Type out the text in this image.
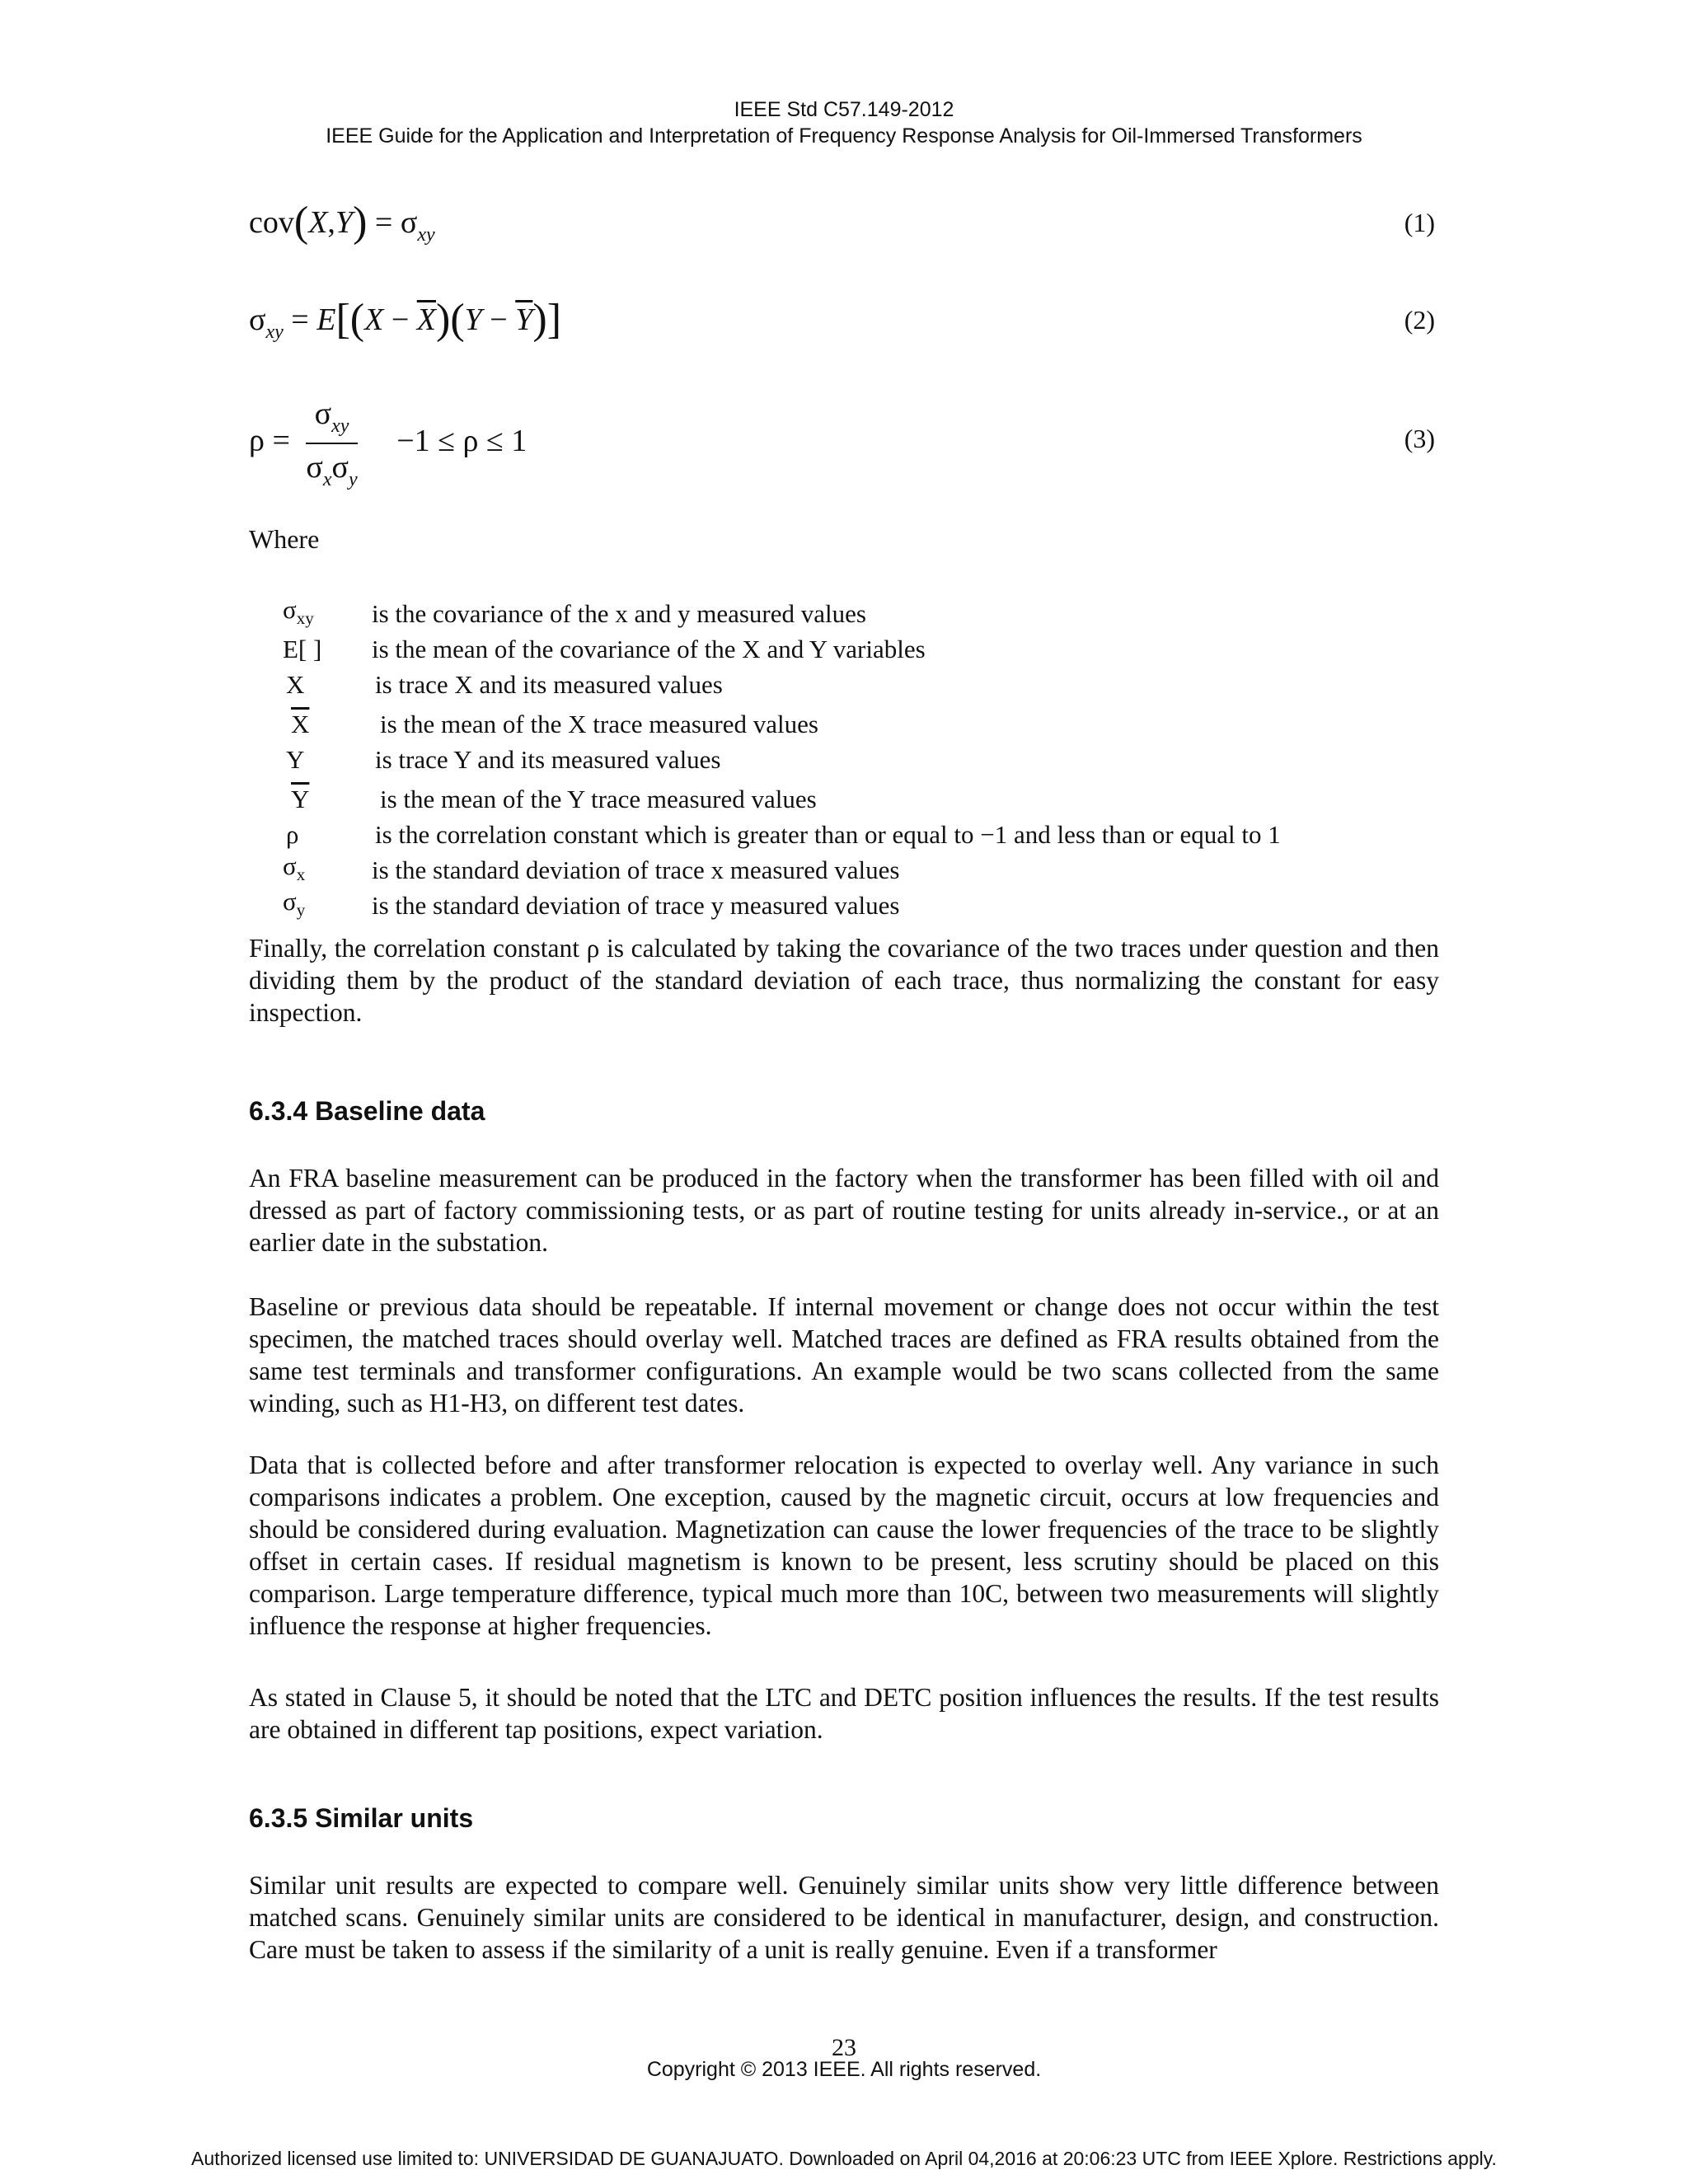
IEEE Std C57.149-2012
IEEE Guide for the Application and Interpretation of Frequency Response Analysis for Oil-Immersed Transformers
$cov(X,Y) = \sigma_{xy}$	(1)
$\sigma_{xy} = E[(X - \overline{X})(Y - \overline{Y})]$	(2)
$\rho = \frac{\sigma_{xy}}{\sigma_x\sigma_y} -1 \le \rho \le 1$	(3)
Where
$\sigma_{xy}$	is the covariance of the x and y measured values
E[ ]	is the mean of the covariance of the X and Y variables
X	is trace X and its measured values
$\overline{X}$	is the mean of the X trace measured values
Y	is trace Y and its measured values
$\overline{Y}$	is the mean of the Y trace measured values
ρ	is the correlation constant which is greater than or equal to −1 and less than or equal to 1
$\sigma_x$	is the standard deviation of trace x measured values
$\sigma_y$	is the standard deviation of trace y measured values

Finally, the correlation constant ρ is calculated by taking the covariance of the two traces under question and then dividing them by the product of the standard deviation of each trace, thus normalizing the constant for easy inspection.

6.3.4 Baseline data

An FRA baseline measurement can be produced in the factory when the transformer has been filled with oil and dressed as part of factory commissioning tests, or as part of routine testing for units already in-service., or at an earlier date in the substation.

Baseline or previous data should be repeatable. If internal movement or change does not occur within the test specimen, the matched traces should overlay well. Matched traces are defined as FRA results obtained from the same test terminals and transformer configurations. An example would be two scans collected from the same winding, such as H1-H3, on different test dates.

Data that is collected before and after transformer relocation is expected to overlay well. Any variance in such comparisons indicates a problem. One exception, caused by the magnetic circuit, occurs at low frequencies and should be considered during evaluation. Magnetization can cause the lower frequencies of the trace to be slightly offset in certain cases. If residual magnetism is known to be present, less scrutiny should be placed on this comparison. Large temperature difference, typical much more than 10C, between two measurements will slightly influence the response at higher frequencies.

As stated in Clause 5, it should be noted that the LTC and DETC position influences the results. If the test results are obtained in different tap positions, expect variation.

6.3.5 Similar units

Similar unit results are expected to compare well. Genuinely similar units show very little difference between matched scans. Genuinely similar units are considered to be identical in manufacturer, design, and construction. Care must be taken to assess if the similarity of a unit is really genuine. Even if a transformer

23
Copyright © 2013 IEEE. All rights reserved.
Authorized licensed use limited to: UNIVERSIDAD DE GUANAJUATO. Downloaded on April 04,2016 at 20:06:23 UTC from IEEE Xplore. Restrictions apply.
